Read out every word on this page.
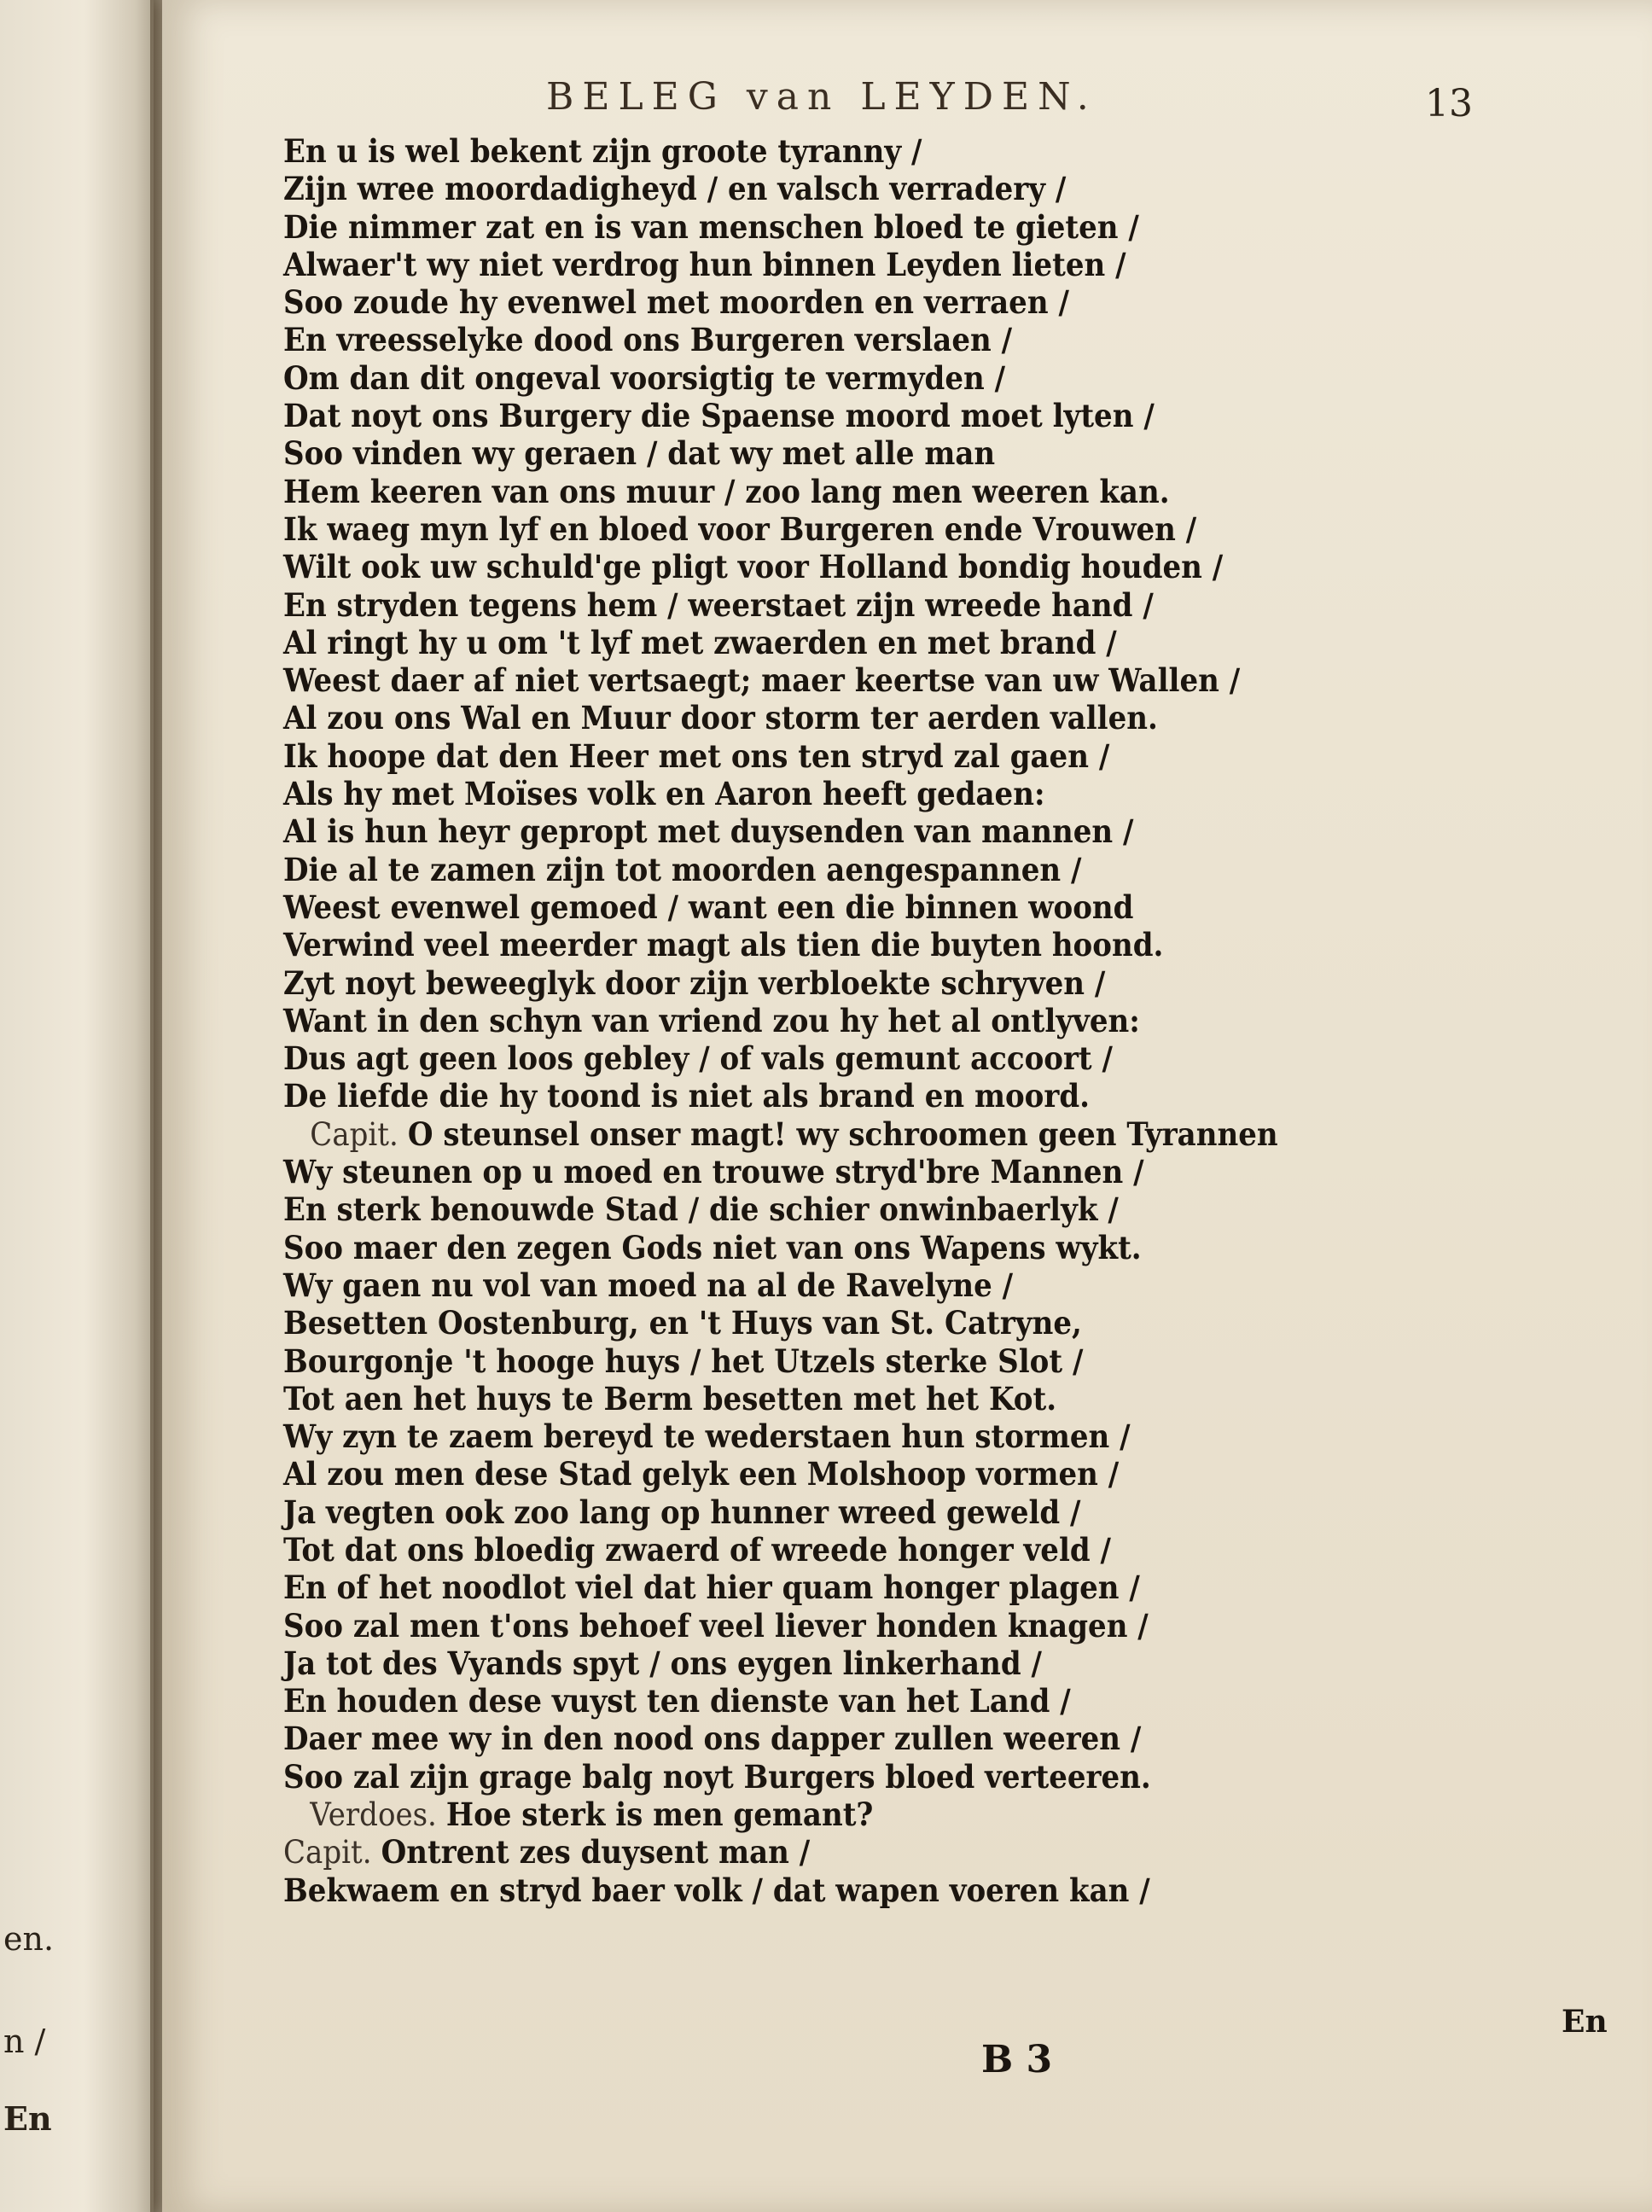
en.
n /
En
BELEG van LEYDEN.	13
En u is wel bekent zijn groote tyranny /
Zijn wree moordadigheyd / en valsch verradery /
Die nimmer zat en is van menschen bloed te gieten /
Alwaer't wy niet verdrog hun binnen Leyden lieten /
Soo zoude hy evenwel met moorden en verraen /
En vreesselyke dood ons Burgeren verslaen /
Om dan dit ongeval voorsigtig te vermyden /
Dat noyt ons Burgery die Spaense moord moet lyten /
Soo vinden wy geraen / dat wy met alle man
Hem keeren van ons muur / zoo lang men weeren kan.
Ik waeg myn lyf en bloed voor Burgeren ende Vrouwen /
Wilt ook uw schuld'ge pligt voor Holland bondig houden /
En stryden tegens hem / weerstaet zijn wreede hand /
Al ringt hy u om 't lyf met zwaerden en met brand /
Weest daer af niet vertsaegt; maer keertse van uw Wallen /
Al zou ons Wal en Muur door storm ter aerden vallen.
Ik hoope dat den Heer met ons ten stryd zal gaen /
Als hy met Moïses volk en Aaron heeft gedaen:
Al is hun heyr gepropt met duysenden van mannen /
Die al te zamen zijn tot moorden aengespannen /
Weest evenwel gemoed / want een die binnen woond
Verwind veel meerder magt als tien die buyten hoond.
Zyt noyt beweeglyk door zijn verbloekte schryven /
Want in den schyn van vriend zou hy het al ontlyven:
Dus agt geen loos gebley / of vals gemunt accoort /
De liefde die hy toond is niet als brand en moord.
Capit. O steunsel onser magt! wy schroomen geen Tyrannen
Wy steunen op u moed en trouwe stryd'bre Mannen /
En sterk benouwde Stad / die schier onwinbaerlyk /
Soo maer den zegen Gods niet van ons Wapens wykt.
Wy gaen nu vol van moed na al de Ravelyne /
Besetten Oostenburg, en 't Huys van St. Catryne,
Bourgonje 't hooge huys / het Utzels sterke Slot /
Tot aen het huys te Berm besetten met het Kot.
Wy zyn te zaem bereyd te wederstaen hun stormen /
Al zou men dese Stad gelyk een Molshoop vormen /
Ja vegten ook zoo lang op hunner wreed geweld /
Tot dat ons bloedig zwaerd of wreede honger veld /
En of het noodlot viel dat hier quam honger plagen /
Soo zal men t'ons behoef veel liever honden knagen /
Ja tot des Vyands spyt / ons eygen linkerhand /
En houden dese vuyst ten dienste van het Land /
Daer mee wy in den nood ons dapper zullen weeren /
Soo zal zijn grage balg noyt Burgers bloed verteeren.
Verdoes. Hoe sterk is men gemant?
Capit. Ontrent zes duysent man /
Bekwaem en stryd baer volk / dat wapen voeren kan /
En
B 3
